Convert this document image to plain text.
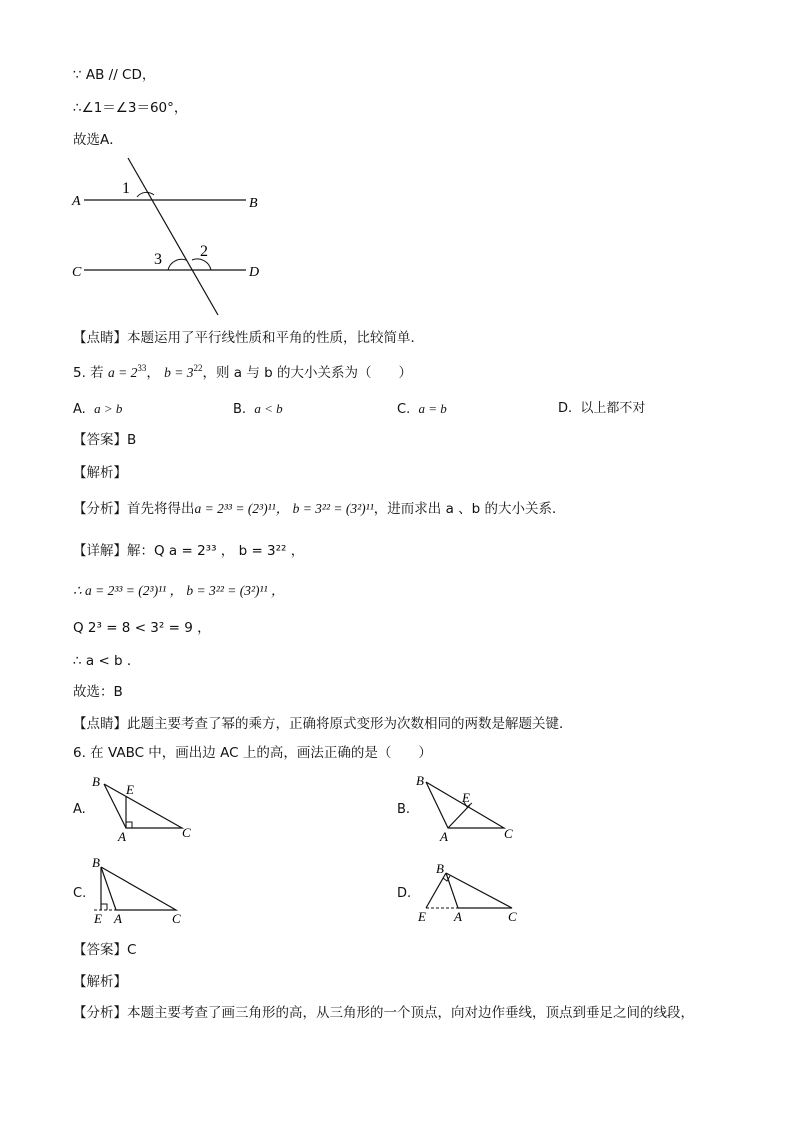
∵ AB // CD，
∴∠1＝∠3＝60°，
故选A．
A	B
C	D
1
2
3
【点睛】本题运用了平行线性质和平角的性质，比较简单．
5. 若 $a = 2^{33}$， $b = 3^{22}$，则 a 与 b 的大小关系为（　　）
A. a > b	B. a < b	C. a = b	D. 以上都不对
【答案】B
【解析】
【分析】首先将得出a = 2³³ = (2³)¹¹， b = 3²² = (3²)¹¹，进而求出 a 、b 的大小关系．
【详解】解：Q a = 2³³ ， b = 3²² ，
∴ a = 2³³ = (2³)¹¹ ， b = 3²² = (3²)¹¹ ，
Q 2³ = 8 < 3² = 9 ，
∴ a < b ．
故选：B
【点睛】此题主要考查了幂的乘方，正确将原式变形为次数相同的两数是解题关键．
6. 在 VABC 中，画出边 AC 上的高，画法正确的是（　　）
A.
B
E
A	C
B.
B
E
A	C
C.
B
E A	C
D.
B
E A	C
【答案】C
【解析】
【分析】本题主要考查了画三角形的高，从三角形的一个顶点，向对边作垂线，顶点到垂足之间的线段，
